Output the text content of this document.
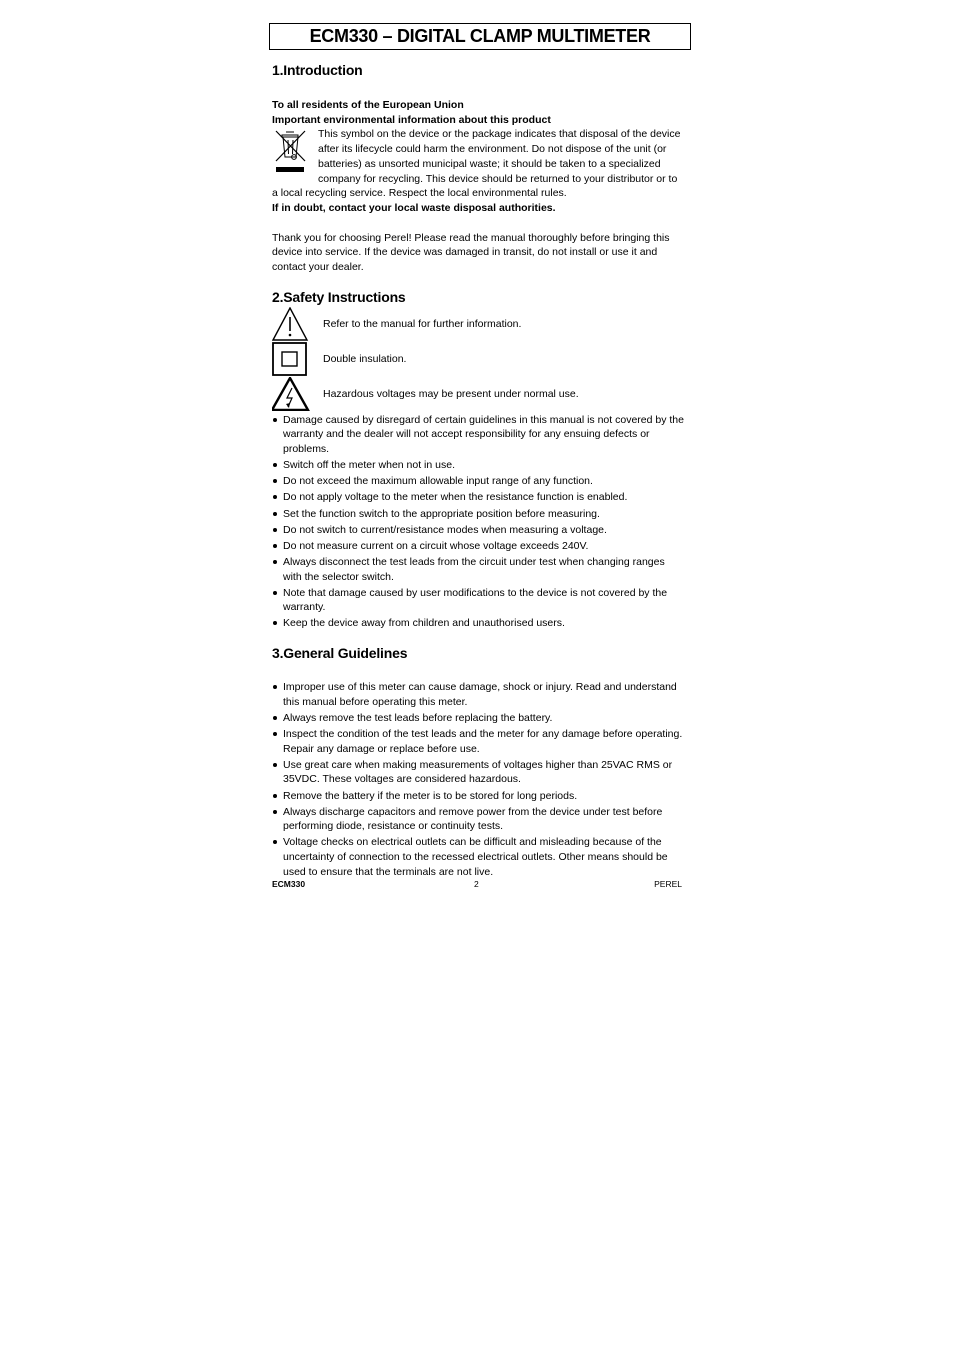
ECM330 – DIGITAL CLAMP MULTIMETER
1.Introduction

To all residents of the European Union

Important environmental information about this product

This symbol on the device or the package indicates that disposal of the device after its lifecycle could harm the environment. Do not dispose of the unit (or batteries) as unsorted municipal waste; it should be taken to a specialized company for recycling. This device should be returned to your distributor or to a local recycling service. Respect the local environmental rules.

If in doubt, contact your local waste disposal authorities.

Thank you for choosing Perel! Please read the manual thoroughly before bringing this device into service. If the device was damaged in transit, do not install or use it and contact your dealer.

2.Safety Instructions
Refer to the manual for further information.
Double insulation.
Hazardous voltages may be present under normal use.
Damage caused by disregard of certain guidelines in this manual is not covered by the warranty and the dealer will not accept responsibility for any ensuing defects or problems.
Switch off the meter when not in use.
Do not exceed the maximum allowable input range of any function.
Do not apply voltage to the meter when the resistance function is enabled.
Set the function switch to the appropriate position before measuring.
Do not switch to current/resistance modes when measuring a voltage.
Do not measure current on a circuit whose voltage exceeds 240V.
Always disconnect the test leads from the circuit under test when changing ranges with the selector switch.
Note that damage caused by user modifications to the device is not covered by the warranty.
Keep the device away from children and unauthorised users.
3.General Guidelines
Improper use of this meter can cause damage, shock or injury. Read and understand this manual before operating this meter.
Always remove the test leads before replacing the battery.
Inspect the condition of the test leads and the meter for any damage before operating. Repair any damage or replace before use.
Use great care when making measurements of voltages higher than 25VAC RMS or 35VDC. These voltages are considered hazardous.
Remove the battery if the meter is to be stored for long periods.
Always discharge capacitors and remove power from the device under test before performing diode, resistance or continuity tests.
Voltage checks on electrical outlets can be difficult and misleading because of the uncertainty of connection to the recessed electrical outlets. Other means should be used to ensure that the terminals are not live.
ECM330	2	PEREL
